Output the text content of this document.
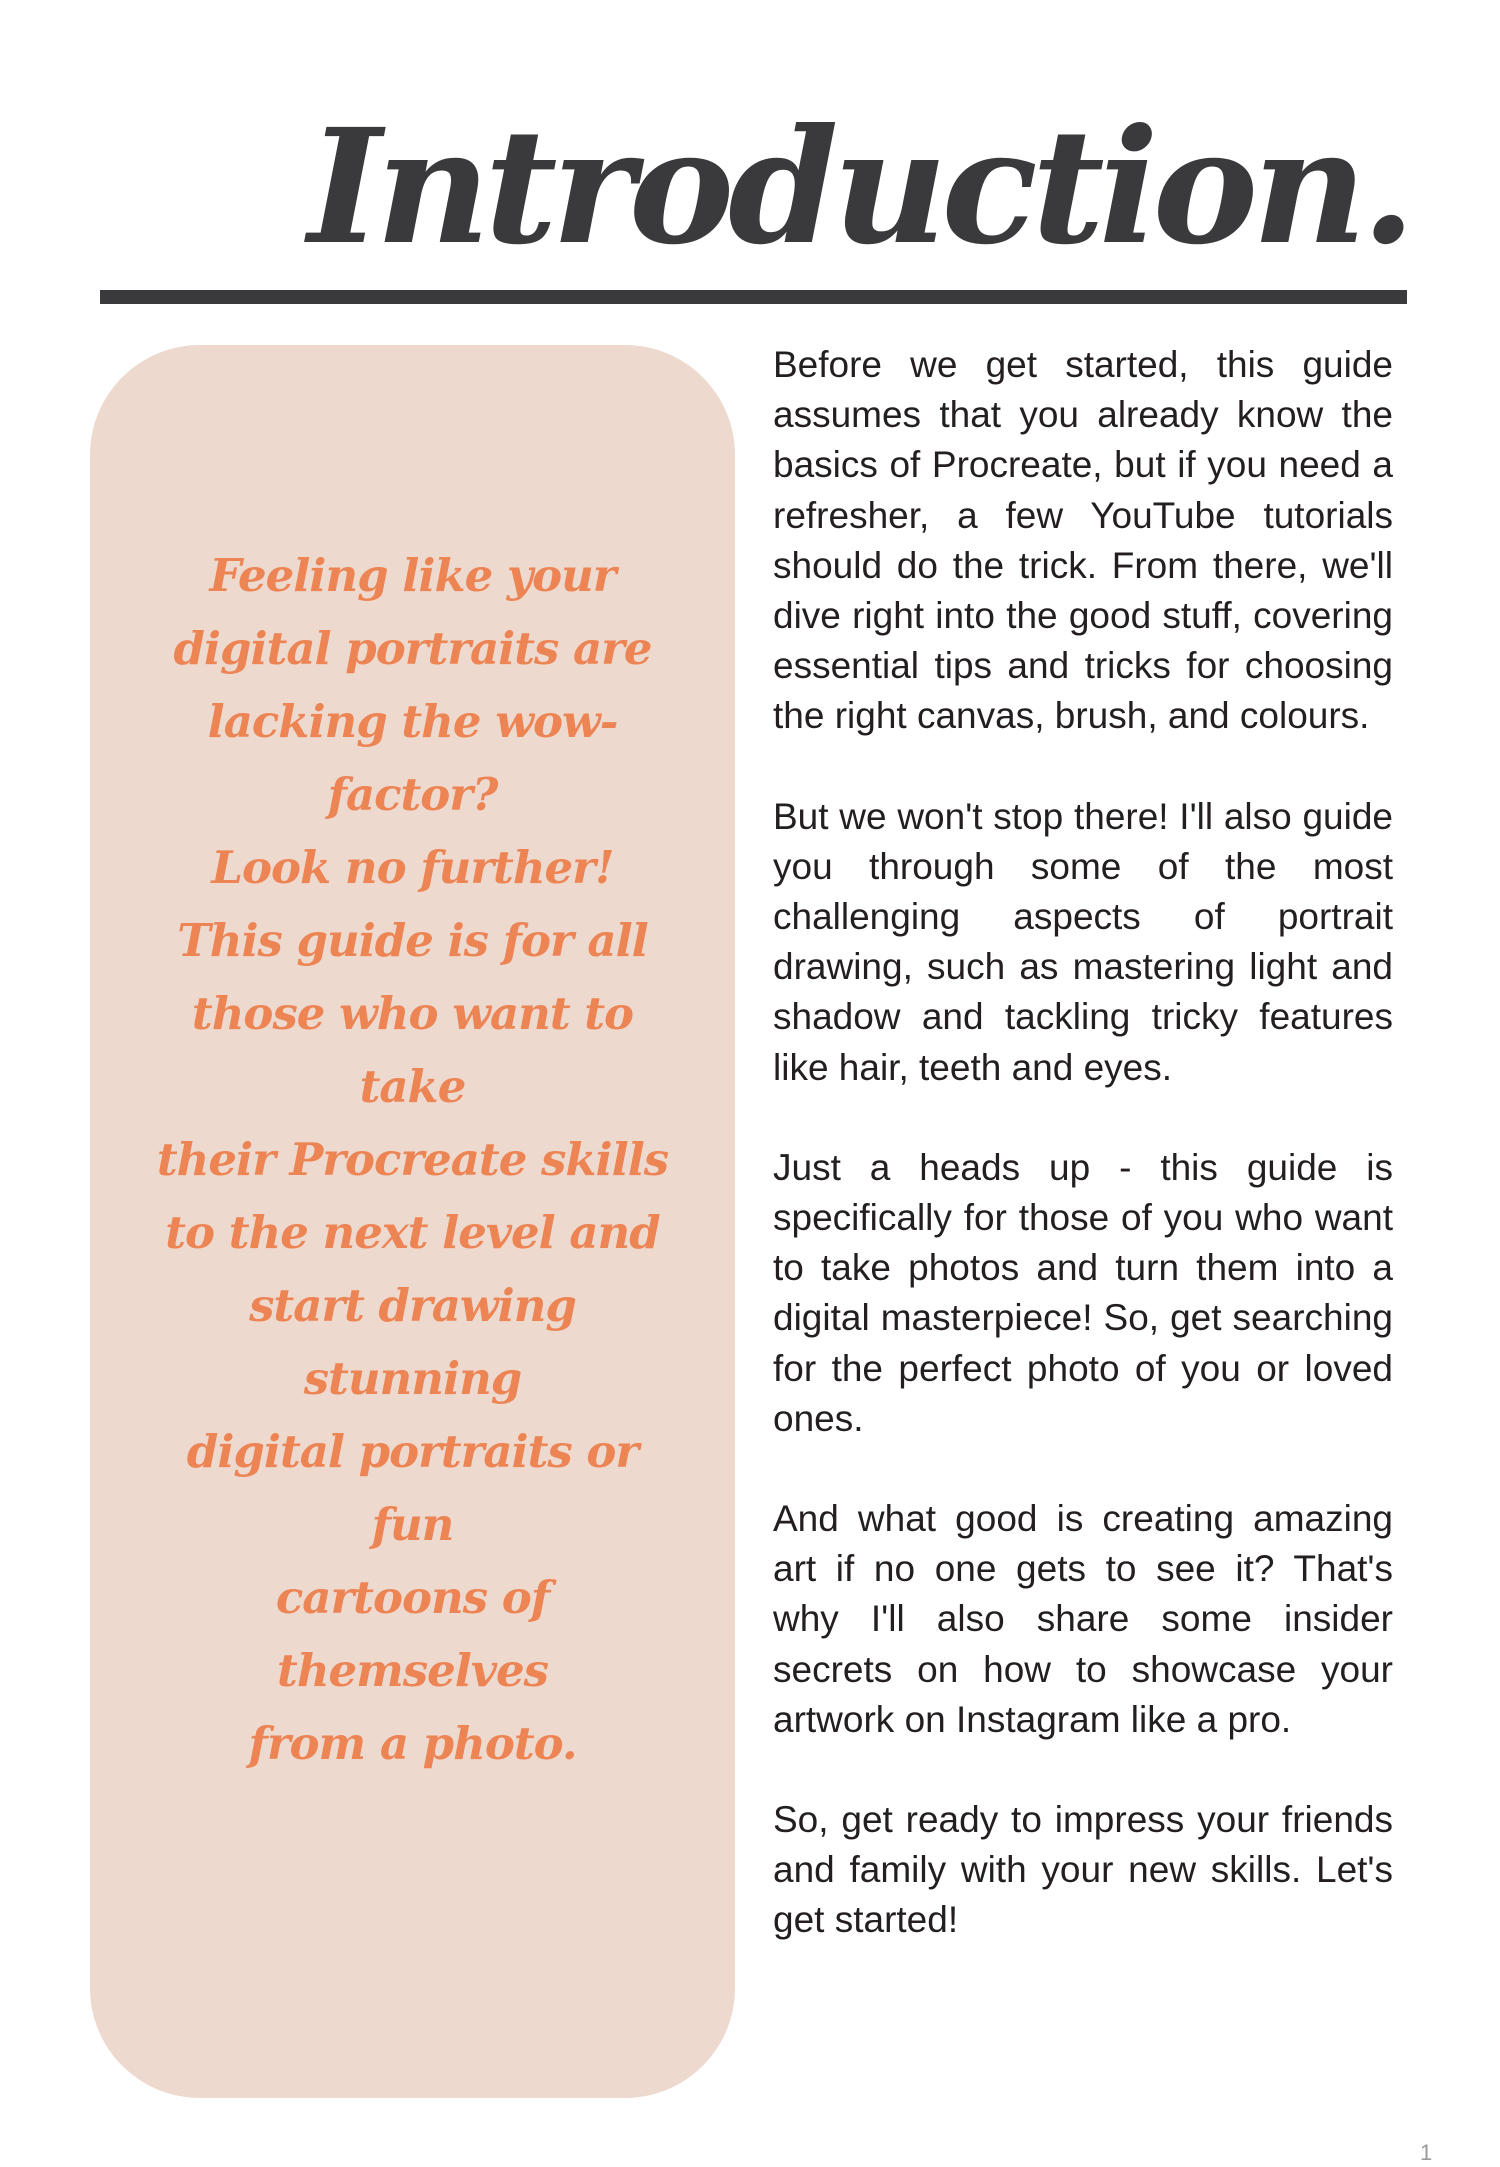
Introduction.

Feeling like your
digital portraits are
lacking the wow-
factor?
Look no further!
This guide is for all
those who want to take
their Procreate skills
to the next level and
start drawing stunning
digital portraits or fun
cartoons of themselves
from a photo.

Before we get started, this guide assumes that you already know the basics of Procreate, but if you need a refresher, a few YouTube tutorials should do the trick. From there, we'll dive right into the good stuff, covering essential tips and tricks for choosing the right canvas, brush, and colours.

But we won't stop there! I'll also guide you through some of the most challenging aspects of portrait drawing, such as mastering light and shadow and tackling tricky features like hair, teeth and eyes.

Just a heads up - this guide is specifically for those of you who want to take photos and turn them into a digital masterpiece! So, get searching for the perfect photo of you or loved ones.

And what good is creating amazing art if no one gets to see it? That's why I'll also share some insider secrets on how to showcase your artwork on Instagram like a pro.

So, get ready to impress your friends and family with your new skills. Let's get started!

1
